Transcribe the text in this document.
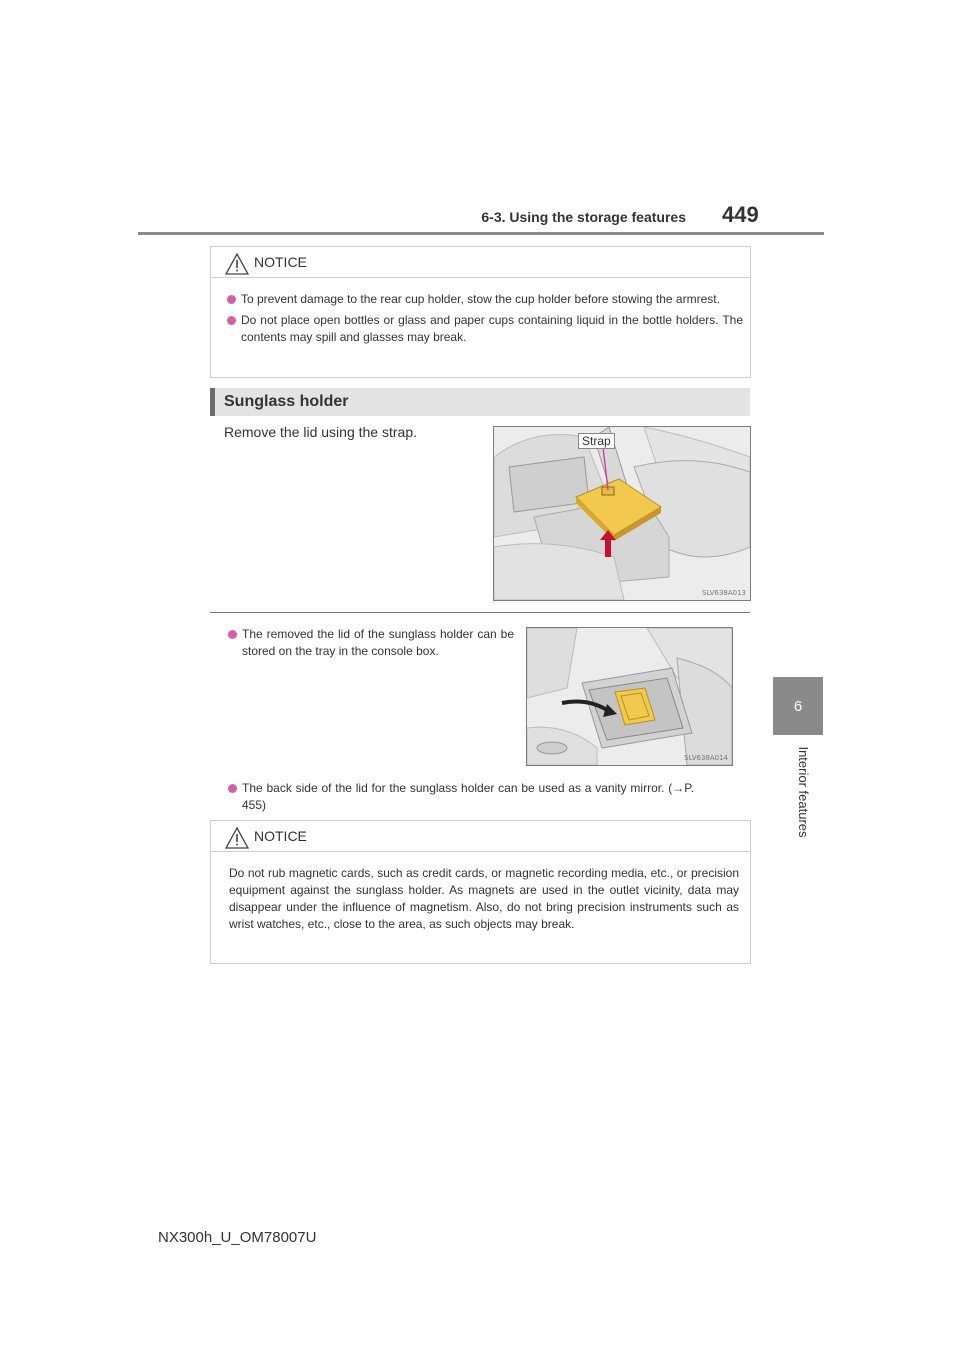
6-3. Using the storage features 449
6
Interior features
NOTICE
To prevent damage to the rear cup holder, stow the cup holder before stowing the armrest.
Do not place open bottles or glass and paper cups containing liquid in the bottle holders. The contents may spill and glasses may break.
Sunglass holder
Remove the lid using the strap.
Strap
SLV638A013
The removed the lid of the sunglass holder can be stored on the tray in the console box.
SLV638A014
The back side of the lid for the sunglass holder can be used as a vanity mirror. (→P. 455)
NOTICE
Do not rub magnetic cards, such as credit cards, or magnetic recording media, etc., or precision equipment against the sunglass holder. As magnets are used in the outlet vicinity, data may disappear under the influence of magnetism. Also, do not bring precision instruments such as wrist watches, etc., close to the area, as such objects may break.
NX300h_U_OM78007U
